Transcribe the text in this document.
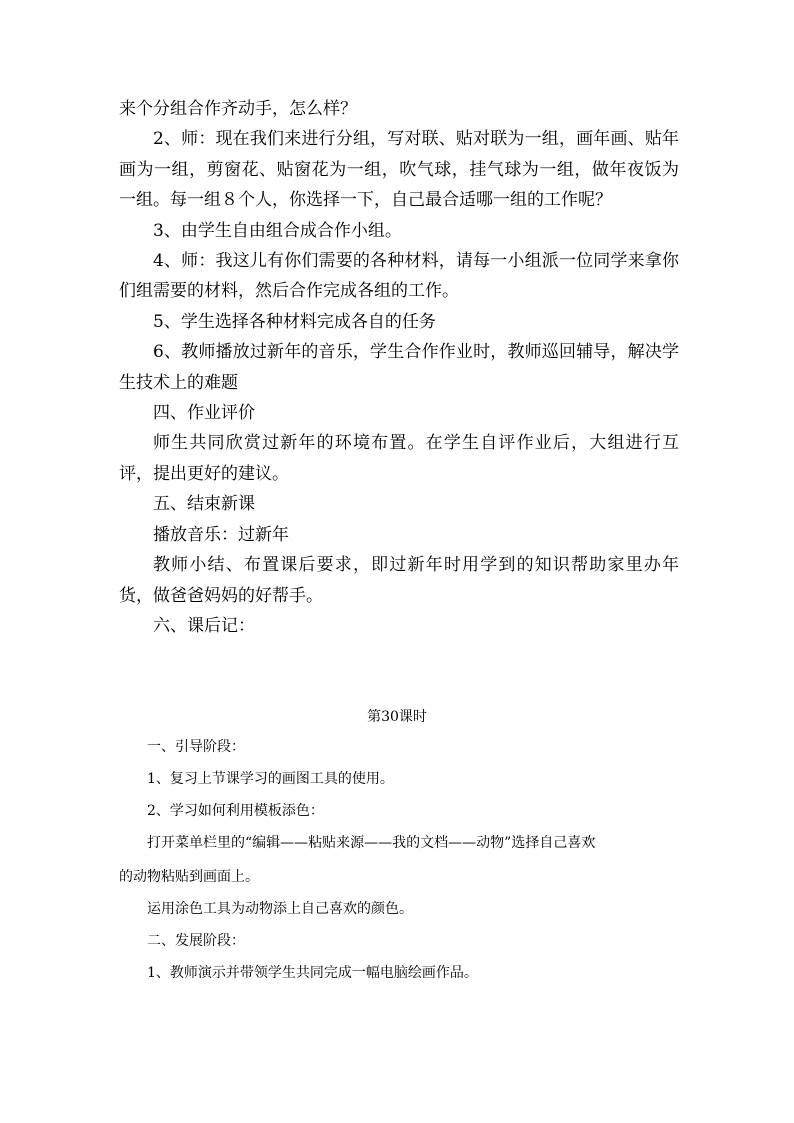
来个分组合作齐动手，怎么样？

2、师：现在我们来进行分组，写对联、贴对联为一组，画年画、贴年画为一组，剪窗花、贴窗花为一组，吹气球，挂气球为一组，做年夜饭为一组。每一组８个人，你选择一下，自己最合适哪一组的工作呢？

3、由学生自由组合成合作小组。

4、师：我这儿有你们需要的各种材料，请每一小组派一位同学来拿你们组需要的材料，然后合作完成各组的工作。

5、学生选择各种材料完成各自的任务

6、教师播放过新年的音乐，学生合作作业时，教师巡回辅导，解决学生技术上的难题

四、作业评价

师生共同欣赏过新年的环境布置。在学生自评作业后，大组进行互评，提出更好的建议。

五、结束新课

播放音乐：过新年

教师小结、布置课后要求，即过新年时用学到的知识帮助家里办年货，做爸爸妈妈的好帮手。

六、课后记：

第30课时

一、引导阶段：

1、复习上节课学习的画图工具的使用。

2、学习如何利用模板添色：

打开菜单栏里的“编辑——粘贴来源——我的文档——动物”选择自己喜欢

的动物粘贴到画面上。

运用涂色工具为动物添上自己喜欢的颜色。

二、发展阶段：

1、教师演示并带领学生共同完成一幅电脑绘画作品。
